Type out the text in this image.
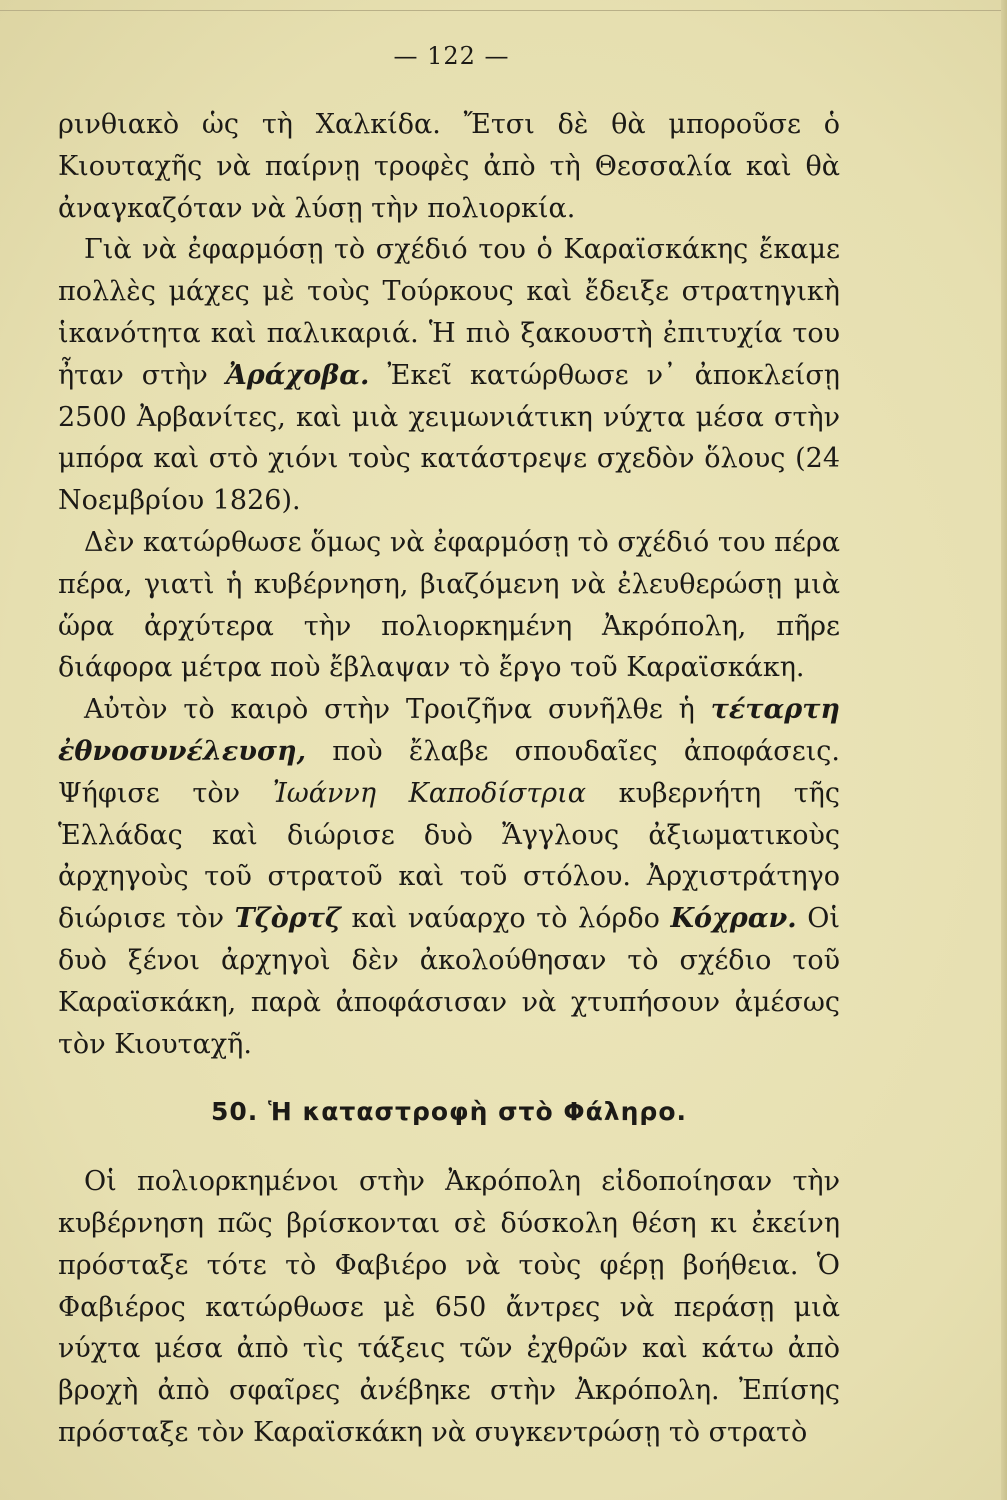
— 122 —

ρινθιακὸ ὡς τὴ Χαλκίδα. Ἔτσι δὲ θὰ μποροῦσε ὁ Κιουταχῆς νὰ παίρνῃ τροφὲς ἀπὸ τὴ Θεσσαλία καὶ θὰ ἀναγκαζόταν νὰ λύσῃ τὴν πολιορκία.

Γιὰ νὰ ἐφαρμόσῃ τὸ σχέδιό του ὁ Καραϊσκάκης ἔκαμε πολλὲς μάχες μὲ τοὺς Τούρκους καὶ ἔδειξε στρατηγικὴ ἱκανότητα καὶ παλικαριά. Ἡ πιὸ ξακουστὴ ἐπιτυχία του ἦταν στὴν Ἀράχοβα. Ἐκεῖ κατώρθωσε ν᾽ ἀποκλείσῃ 2500 Ἀρβανίτες, καὶ μιὰ χειμωνιάτικη νύχτα μέσα στὴν μπόρα καὶ στὸ χιόνι τοὺς κατάστρεψε σχεδὸν ὅλους (24 Νοεμβρίου 1826).

Δὲν κατώρθωσε ὅμως νὰ ἐφαρμόσῃ τὸ σχέδιό του πέρα πέρα, γιατὶ ἡ κυβέρνηση, βιαζόμενη νὰ ἐλευθερώσῃ μιὰ ὥρα ἀρχύτερα τὴν πολιορκημένη Ἀκρόπολη, πῆρε διάφορα μέτρα ποὺ ἔβλαψαν τὸ ἔργο τοῦ Καραϊσκάκη.

Αὐτὸν τὸ καιρὸ στὴν Τροιζῆνα συνῆλθε ἡ τέταρτη ἐθνοσυνέλευση, ποὺ ἔλαβε σπουδαῖες ἀποφάσεις. Ψήφισε τὸν Ἰωάννη Καποδίστρια κυβερνήτη τῆς Ἑλλάδας καὶ διώρισε δυὸ Ἄγγλους ἀξιωματικοὺς ἀρχηγοὺς τοῦ στρατοῦ καὶ τοῦ στόλου. Ἀρχιστράτηγο διώρισε τὸν Τζὸρτζ καὶ ναύαρχο τὸ λόρδο Κόχραν. Οἱ δυὸ ξένοι ἀρχηγοὶ δὲν ἀκολούθησαν τὸ σχέδιο τοῦ Καραϊσκάκη, παρὰ ἀποφάσισαν νὰ χτυπήσουν ἀμέσως τὸν Κιουταχῆ.

50. Ἡ καταστροφὴ στὸ Φάληρο.

Οἱ πολιορκημένοι στὴν Ἀκρόπολη εἰδοποίησαν τὴν κυβέρνηση πῶς βρίσκονται σὲ δύσκολη θέση κι ἐκείνη πρόσταξε τότε τὸ Φαβιέρο νὰ τοὺς φέρῃ βοήθεια. Ὁ Φαβιέρος κατώρθωσε μὲ 650 ἄντρες νὰ περάσῃ μιὰ νύχτα μέσα ἀπὸ τὶς τάξεις τῶν ἐχθρῶν καὶ κάτω ἀπὸ βροχὴ ἀπὸ σφαῖρες ἀνέβηκε στὴν Ἀκρόπολη. Ἐπίσης πρόσταξε τὸν Καραϊσκάκη νὰ συγκεντρώσῃ τὸ στρατὸ
